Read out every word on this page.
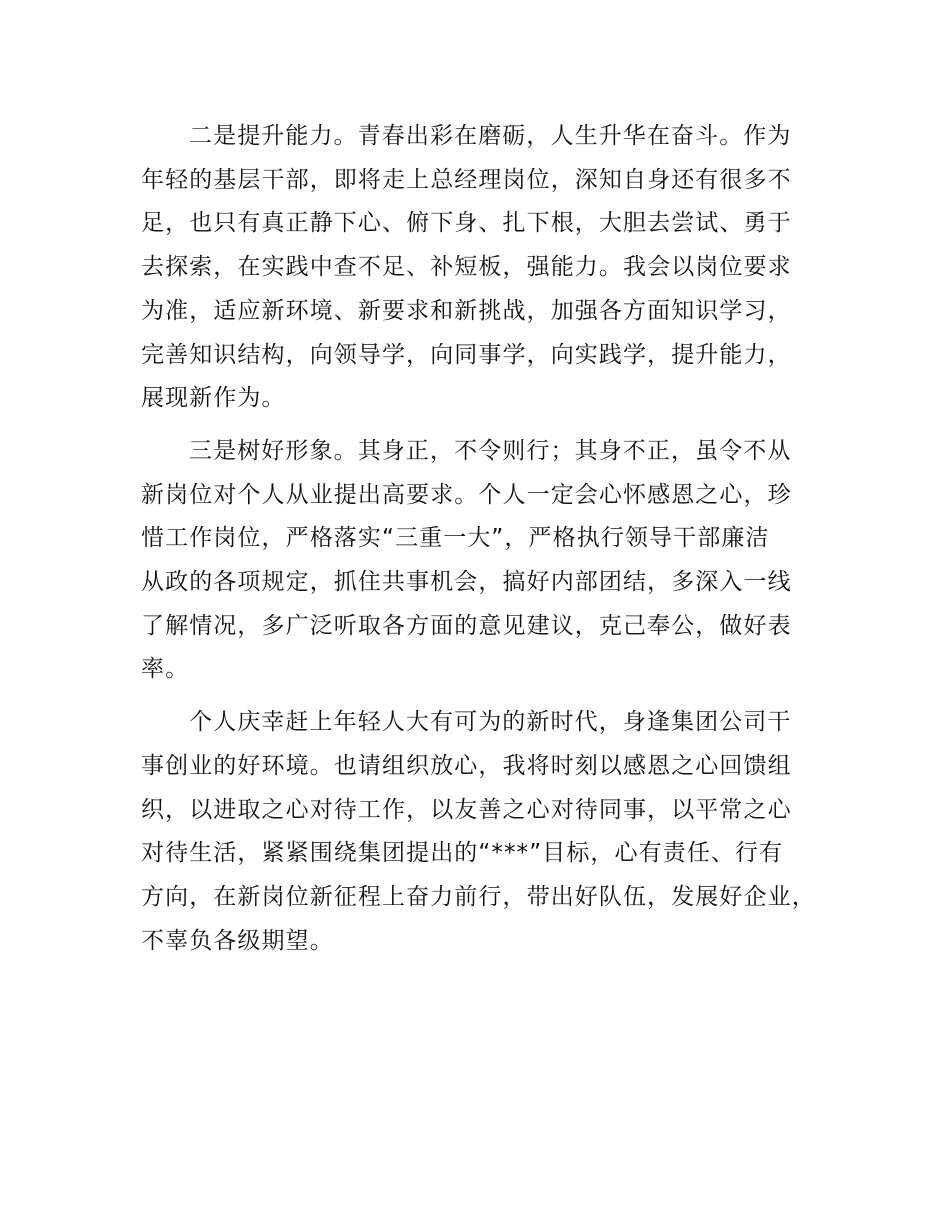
二是提升能力。青春出彩在磨砺，人生升华在奋斗。作为
年轻的基层干部，即将走上总经理岗位，深知自身还有很多不
足，也只有真正静下心、俯下身、扎下根，大胆去尝试、勇于
去探索，在实践中查不足、补短板，强能力。我会以岗位要求
为准，适应新环境、新要求和新挑战，加强各方面知识学习，
完善知识结构，向领导学，向同事学，向实践学，提升能力，
展现新作为。

三是树好形象。其身正，不令则行；其身不正，虽令不从
新岗位对个人从业提出高要求。个人一定会心怀感恩之心，珍
惜工作岗位，严格落实“三重一大”，严格执行领导干部廉洁
从政的各项规定，抓住共事机会，搞好内部团结，多深入一线
了解情况，多广泛听取各方面的意见建议，克己奉公，做好表
率。

个人庆幸赶上年轻人大有可为的新时代，身逢集团公司干
事创业的好环境。也请组织放心，我将时刻以感恩之心回馈组
织，以进取之心对待工作，以友善之心对待同事，以平常之心
对待生活，紧紧围绕集团提出的“***”目标，心有责任、行有
方向，在新岗位新征程上奋力前行，带出好队伍，发展好企业，
不辜负各级期望。
